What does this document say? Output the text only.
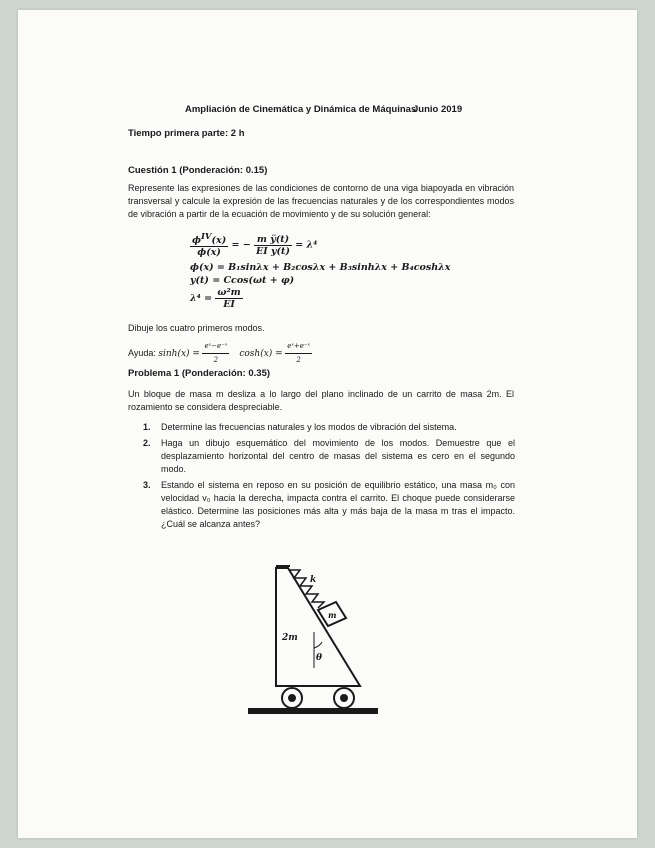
Ampliación de Cinemática y Dinámica de Máquinas
Junio 2019
Tiempo primera parte: 2 h
Cuestión 1 (Ponderación: 0.15)
Represente las expresiones de las condiciones de contorno de una viga biapoyada en vibración transversal y calcule la expresión de las frecuencias naturales y de los correspondientes modos de vibración a partir de la ecuación de movimiento y de su solución general:
$\frac{\phi^{IV}(x)}{\phi(x)}$ = − $\frac{\text{m ÿ(t)}}{\text{EI y(t)}} = \lambda^4$
ϕ(x) = B₁sinλx + B₂cosλx + B₃sinhλx + B₄coshλx
y(t) = Ccos(ωt + φ)
$\lambda^4 = \frac{\text{ω²m}}{EI}$
Dibuje los cuatro primeros modos.
Ayuda: $\sinh(x) = \frac{\text{eˣ−e⁻ˣ}}{2} \cosh(x) = \frac{\text{eˣ+e⁻ˣ}}{2}$
Problema 1 (Ponderación: 0.35)
Un bloque de masa m desliza a lo largo del plano inclinado de un carrito de masa 2m. El rozamiento se considera despreciable.
1. Determine las frecuencias naturales y los modos de vibración del sistema.
2. Haga un dibujo esquemático del movimiento de los modos. Demuestre que el desplazamiento horizontal del centro de masas del sistema es cero en el segundo modo.
3. Estando el sistema en reposo en su posición de equilibrio estático, una masa m₀ con velocidad v₀ hacia la derecha, impacta contra el carrito. El choque puede considerarse elástico. Determine las posiciones más alta y más baja de la masa m tras el impacto. ¿Cuál se alcanza antes?
k
2m
m
θ
